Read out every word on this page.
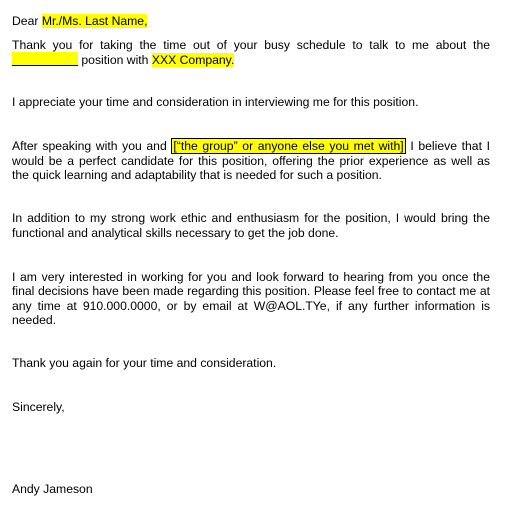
Dear Mr./Ms. Last Name,
Thank you for taking the time out of your busy schedule to talk to me about the
position with XXX Company.
I appreciate your time and consideration in interviewing me for this position.
After speaking with you and [“the group” or anyone else you met with] I believe that I
would be a perfect candidate for this position, offering the prior experience as well as
the quick learning and adaptability that is needed for such a position.
In addition to my strong work ethic and enthusiasm for the position, I would bring the
functional and analytical skills necessary to get the job done.
I am very interested in working for you and look forward to hearing from you once the
final decisions have been made regarding this position. Please feel free to contact me at
any time at 910.000.0000, or by email at W@AOL.TYe, if any further information is
needed.
Thank you again for your time and consideration.
Sincerely,
Andy Jameson
